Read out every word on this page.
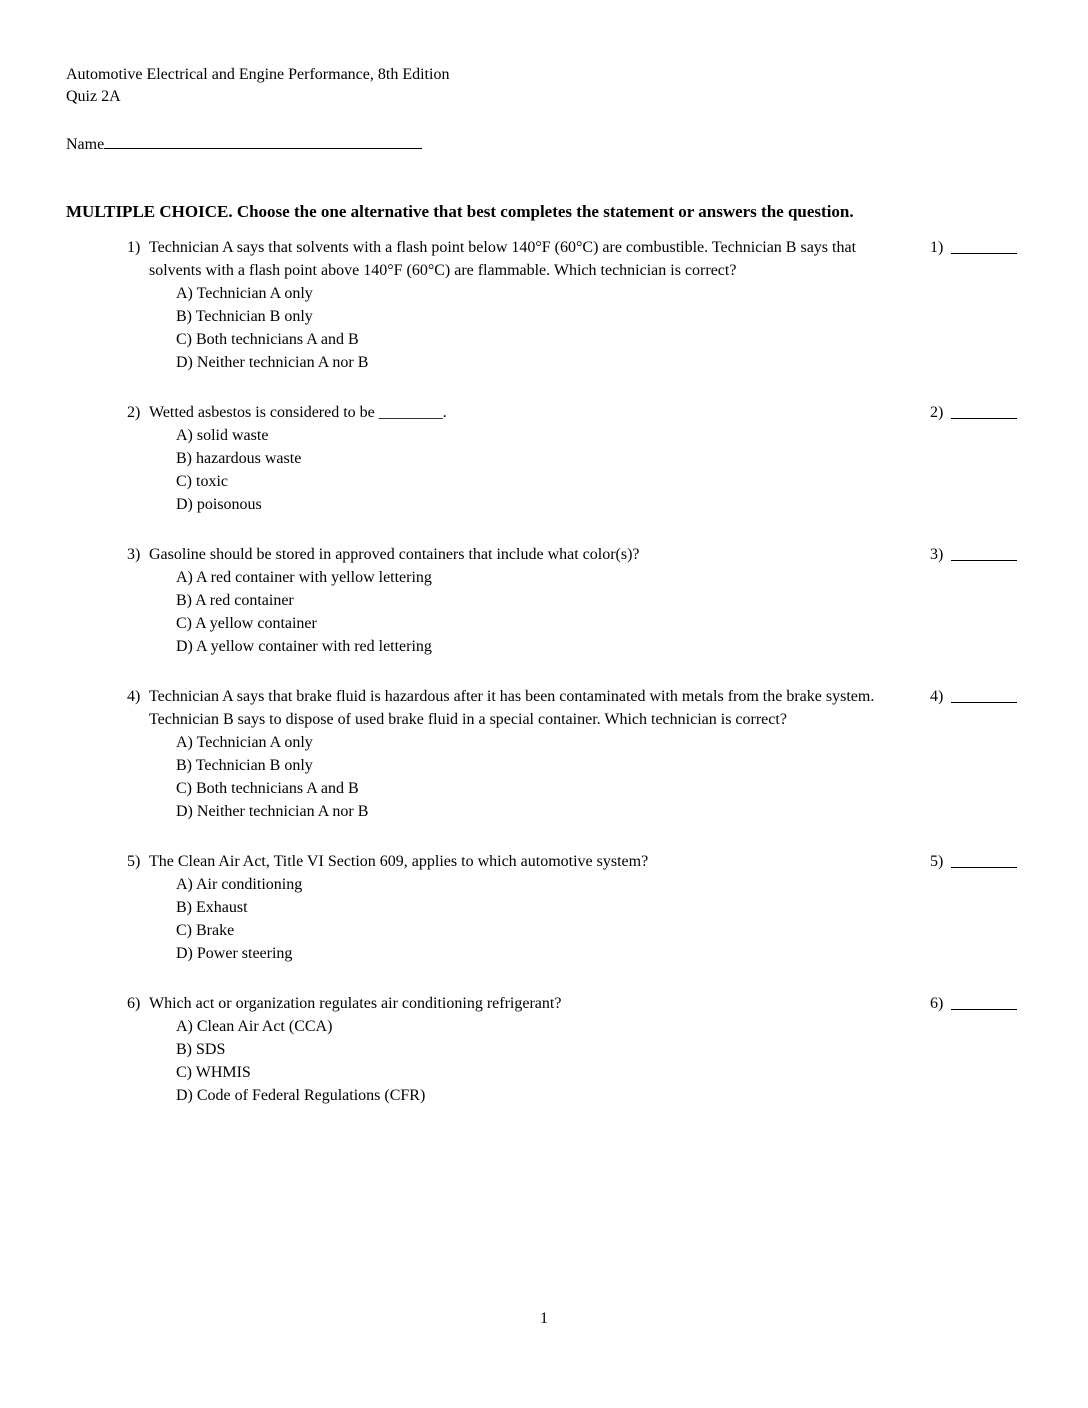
Automotive Electrical and Engine Performance, 8th Edition
Quiz 2A
Name
MULTIPLE CHOICE. Choose the one alternative that best completes the statement or answers the question.
1) Technician A says that solvents with a flash point below 140°F (60°C) are combustible. Technician B says that solvents with a flash point above 140°F (60°C) are flammable. Which technician is correct?
A) Technician A only
B) Technician B only
C) Both technicians A and B
D) Neither technician A nor B
1)
2) Wetted asbestos is considered to be ________.
A) solid waste
B) hazardous waste
C) toxic
D) poisonous
2)
3) Gasoline should be stored in approved containers that include what color(s)?
A) A red container with yellow lettering
B) A red container
C) A yellow container
D) A yellow container with red lettering
3)
4) Technician A says that brake fluid is hazardous after it has been contaminated with metals from the brake system. Technician B says to dispose of used brake fluid in a special container. Which technician is correct?
A) Technician A only
B) Technician B only
C) Both technicians A and B
D) Neither technician A nor B
4)
5) The Clean Air Act, Title VI Section 609, applies to which automotive system?
A) Air conditioning
B) Exhaust
C) Brake
D) Power steering
5)
6) Which act or organization regulates air conditioning refrigerant?
A) Clean Air Act (CCA)
B) SDS
C) WHMIS
D) Code of Federal Regulations (CFR)
6)
1
